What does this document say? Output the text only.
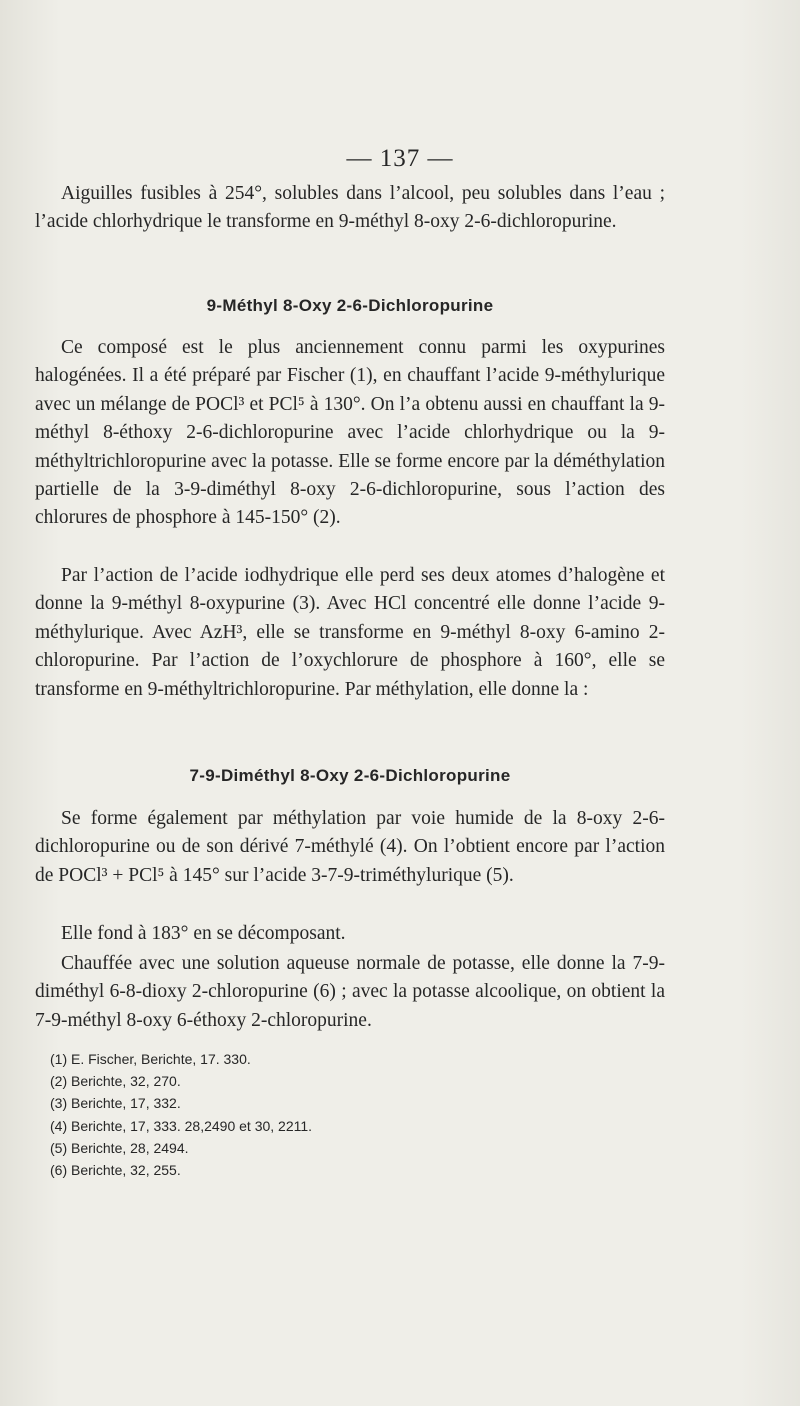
— 137 —

Aiguilles fusibles à 254°, solubles dans l’alcool, peu solubles dans l’eau ; l’acide chlorhydrique le transforme en 9-méthyl 8-oxy 2-6-dichloropurine.

9-Méthyl 8-Oxy 2-6-Dichloropurine

Ce composé est le plus anciennement connu parmi les oxypurines halogénées. Il a été préparé par Fischer (1), en chauffant l’acide 9-méthylurique avec un mélange de POCl³ et PCl⁵ à 130°. On l’a obtenu aussi en chauffant la 9-méthyl 8-éthoxy 2-6-dichloropurine avec l’acide chlorhydrique ou la 9-méthyltrichloropurine avec la potasse. Elle se forme encore par la déméthylation partielle de la 3-9-diméthyl 8-oxy 2-6-dichloropurine, sous l’action des chlorures de phosphore à 145-150° (2).

Par l’action de l’acide iodhydrique elle perd ses deux atomes d’halogène et donne la 9-méthyl 8-oxypurine (3). Avec HCl concentré elle donne l’acide 9-méthylurique. Avec AzH³, elle se transforme en 9-méthyl 8-oxy 6-amino 2-chloropurine. Par l’action de l’oxychlorure de phosphore à 160°, elle se transforme en 9-méthyltrichloropurine. Par méthylation, elle donne la :

7-9-Diméthyl 8-Oxy 2-6-Dichloropurine

Se forme également par méthylation par voie humide de la 8-oxy 2-6-dichloropurine ou de son dérivé 7-méthylé (4). On l’obtient encore par l’action de POCl³ + PCl⁵ à 145° sur l’acide 3-7-9-triméthylurique (5).

Elle fond à 183° en se décomposant.

Chauffée avec une solution aqueuse normale de potasse, elle donne la 7-9-diméthyl 6-8-dioxy 2-chloropurine (6) ; avec la potasse alcoolique, on obtient la 7-9-méthyl 8-oxy 6-éthoxy 2-chloropurine.

(1) E. Fischer, Berichte, 17. 330.
(2) Berichte, 32, 270.
(3) Berichte, 17, 332.
(4) Berichte, 17, 333. 28,2490 et 30, 2211.
(5) Berichte, 28, 2494.
(6) Berichte, 32, 255.
